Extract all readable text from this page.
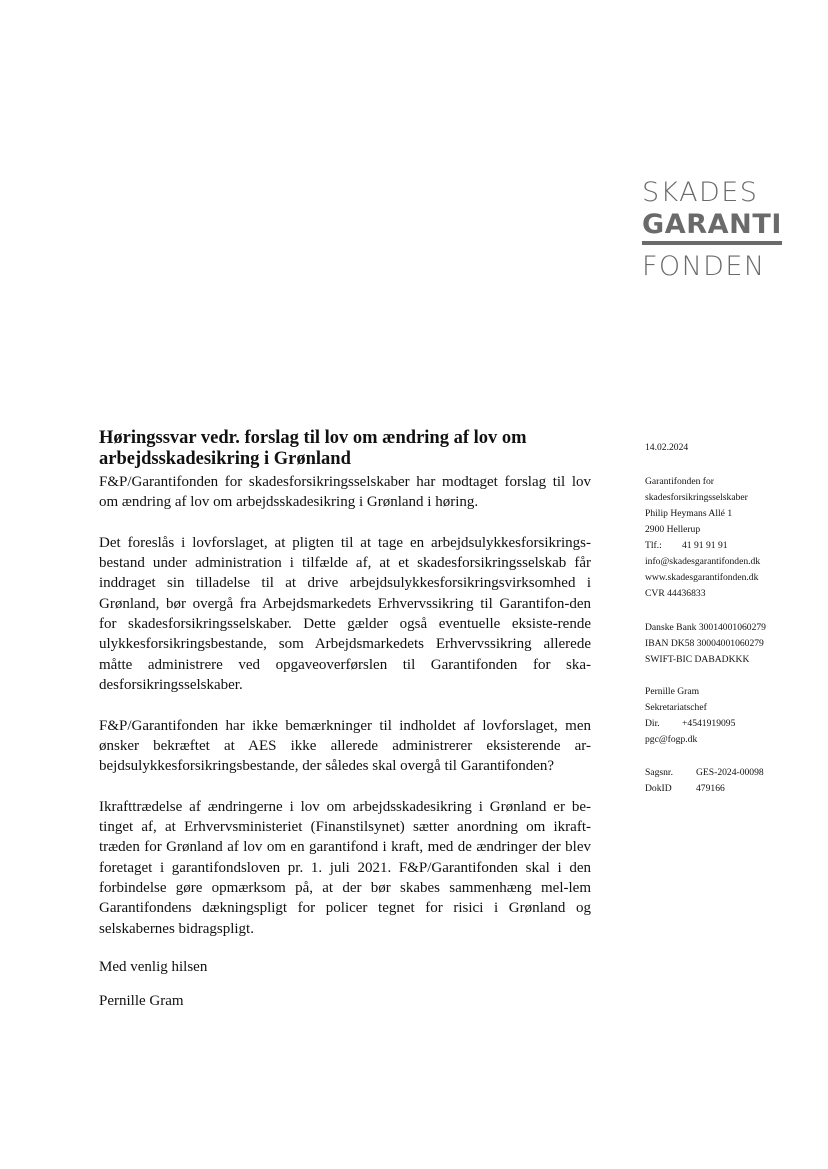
SKADES
GARANTI
FONDEN
Høringssvar vedr. forslag til lov om ændring af lov om arbejdsskadesikring i Grønland

F&P/Garantifonden for skadesforsikringsselskaber har modtaget forslag til lov om ændring af lov om arbejdsskadesikring i Grønland i høring.

Det foreslås i lovforslaget, at pligten til at tage en arbejdsulykkesforsikrings-bestand under administration i tilfælde af, at et skadesforsikringsselskab får inddraget sin tilladelse til at drive arbejdsulykkesforsikringsvirksomhed i Grønland, bør overgå fra Arbejdsmarkedets Erhvervssikring til Garantifon-den for skadesforsikringsselskaber. Dette gælder også eventuelle eksiste-rende ulykkesforsikringsbestande, som Arbejdsmarkedets Erhvervssikring allerede måtte administrere ved opgaveoverførslen til Garantifonden for ska-desforsikringsselskaber.

F&P/Garantifonden har ikke bemærkninger til indholdet af lovforslaget, men ønsker bekræftet at AES ikke allerede administrerer eksisterende ar-bejdsulykkesforsikringsbestande, der således skal overgå til Garantifonden?

Ikrafttrædelse af ændringerne i lov om arbejdsskadesikring i Grønland er be-tinget af, at Erhvervsministeriet (Finanstilsynet) sætter anordning om ikraft-træden for Grønland af lov om en garantifond i kraft, med de ændringer der blev foretaget i garantifondsloven pr. 1. juli 2021. F&P/Garantifonden skal i den forbindelse gøre opmærksom på, at der bør skabes sammenhæng mel-lem Garantifondens dækningspligt for policer tegnet for risici i Grønland og selskabernes bidragspligt.

Med venlig hilsen
Pernille Gram
14.02.2024
Garantifonden for
skadesforsikringsselskaber
Philip Heymans Allé 1
2900 Hellerup
Tlf.: 41 91 91 91
info@skadesgarantifonden.dk
www.skadesgarantifonden.dk
CVR 44436833
Danske Bank 30014001060279
IBAN DK58 30004001060279
SWIFT-BIC DABADKKK
Pernille Gram
Sekretariatschef
Dir. +4541919095
pgc@fogp.dk
Sagsnr. GES-2024-00098
DokID	479166
